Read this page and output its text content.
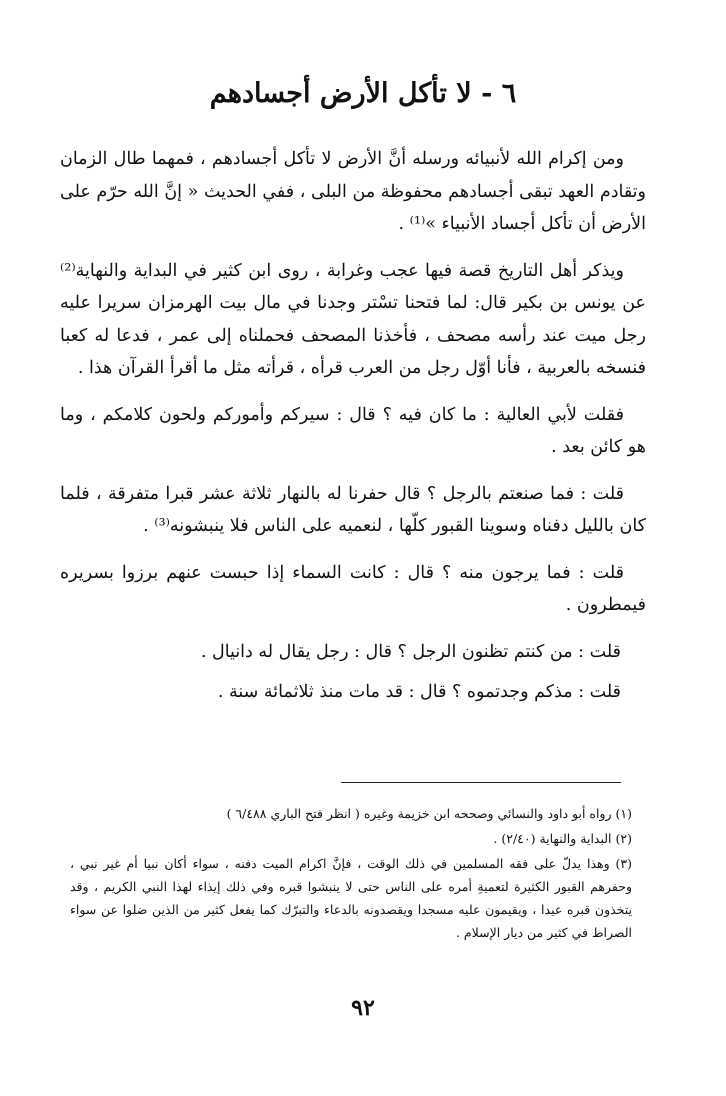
٦ - لا تأكل الأرض أجسادهم

ومن إكرام الله لأنبيائه ورسله أنَّ الأرض لا تأكل أجسادهم ، فمهما طال الزمان وتقادم العهد تبقى أجسادهم محفوظة من البلى ، ففي الحديث « إنَّ الله حرّم على الأرض أن تأكل أجساد الأنبياء »⁽¹⁾ .

ويذكر أهل التاريخ قصة فيها عجب وغرابة ، روى ابن كثير في البداية والنهاية⁽²⁾عن يونس بن بكير قال: لما فتحنا تسْتر وجدنا في مال بيت الهرمزان سريرا عليه رجل ميت عند رأسه مصحف ، فأخذنا المصحف فحملناه إلى عمر ، فدعا له كعبا فنسخه بالعربية ، فأنا أوّل رجل من العرب قرأه ، قرأته مثل ما أقرأ القرآن هذا .

فقلت لأبي العالية : ما كان فيه ؟ قال : سيركم وأموركم ولحون كلامكم ، وما هو كائن بعد .

قلت : فما صنعتم بالرجل ؟ قال حفرنا له بالنهار ثلاثة عشر قبرا متفرقة ، فلما كان بالليل دفناه وسوينا القبور كلّها ، لنعميه على الناس فلا ينبشونه⁽³⁾ .

قلت : فما يرجون منه ؟ قال : كانت السماء إذا حبست عنهم برزوا بسريره فيمطرون .

قلت : من كنتم تظنون الرجل ؟ قال : رجل يقال له دانيال .

قلت : مذكم وجدتموه ؟ قال : قد مات منذ ثلاثمائة سنة .

(١) رواه أبو داود والنسائي وصححه ابن خزيمة وغيره ( انظر فتح الباري ٦/٤٨٨ )

(٢) البداية والنهاية (٢/٤٠) .

(٣) وهذا يدلّ على فقه المسلمين في ذلك الوقت ، فإنَّ اكرام الميت دفنه ، سواء أكان نبيا أم غير نبي ، وحفرهم القبور الكثيرة لتعميةِ أمره على الناس حتى لا ينبشوا قبره وفي ذلك إيذاء لهذا النبي الكريم ، وقد يتخذون قبره عيدا ، ويقيمون عليه مسجدا ويقصدونه بالدعاء والتبرّك كما يفعل كثير من الذين ضلوا عن سواء الصراط في كثير من ديار الإسلام .

٩٢
